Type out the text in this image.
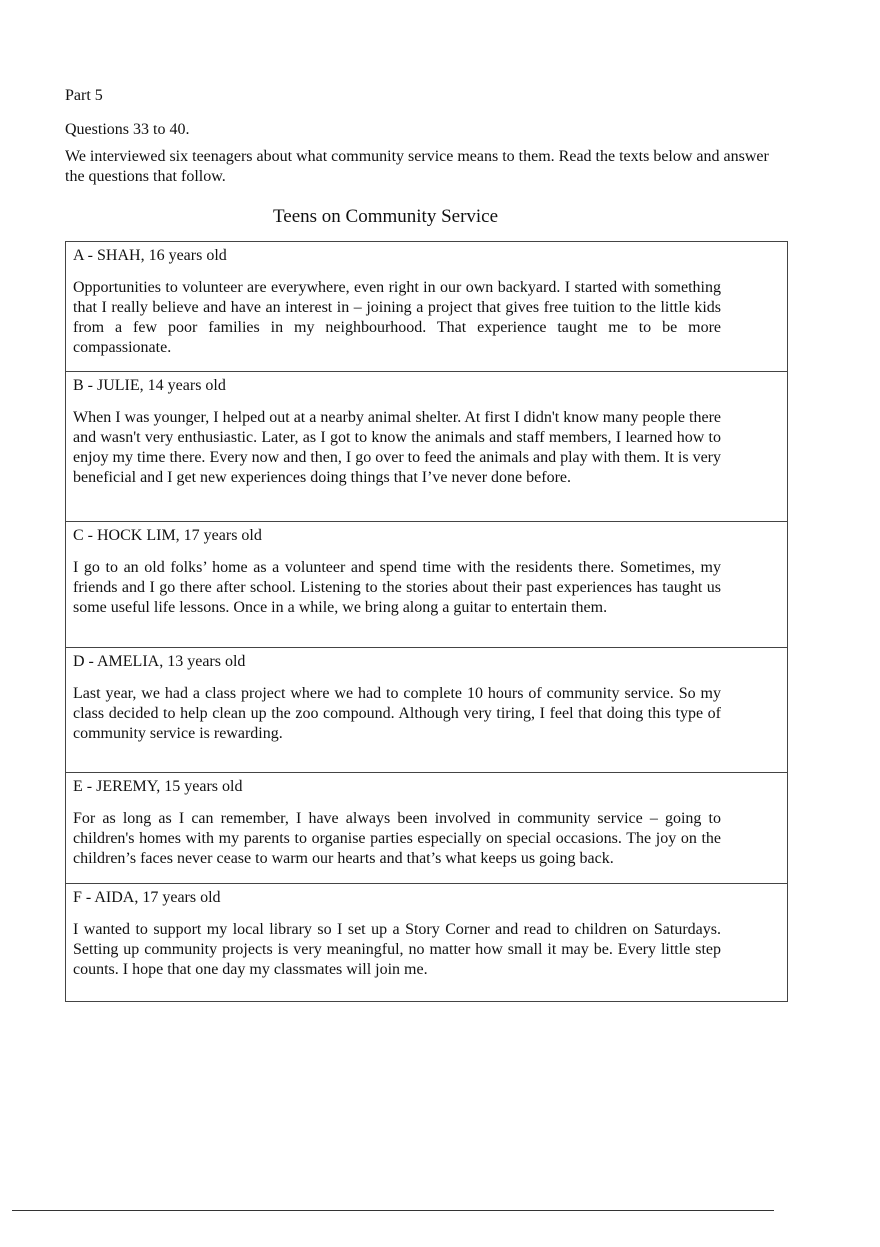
Part 5
Questions 33 to 40.
We interviewed six teenagers about what community service means to them. Read the texts below and answer the questions that follow.
Teens on Community Service
A - SHAH, 16 years old
Opportunities to volunteer are everywhere, even right in our own backyard. I started with something that I really believe and have an interest in – joining a project that gives free tuition to the little kids from a few poor families in my neighbourhood. That experience taught me to be more compassionate.
B - JULIE, 14 years old
When I was younger, I helped out at a nearby animal shelter. At first I didn't know many people there and wasn't very enthusiastic. Later, as I got to know the animals and staff members, I learned how to enjoy my time there. Every now and then, I go over to feed the animals and play with them. It is very beneficial and I get new experiences doing things that I’ve never done before.
C - HOCK LIM, 17 years old
I go to an old folks’ home as a volunteer and spend time with the residents there. Sometimes, my friends and I go there after school. Listening to the stories about their past experiences has taught us some useful life lessons. Once in a while, we bring along a guitar to entertain them.
D - AMELIA, 13 years old
Last year, we had a class project where we had to complete 10 hours of community service. So my class decided to help clean up the zoo compound. Although very tiring, I feel that doing this type of community service is rewarding.
E - JEREMY, 15 years old
For as long as I can remember, I have always been involved in community service – going to children's homes with my parents to organise parties especially on special occasions. The joy on the children’s faces never cease to warm our hearts and that’s what keeps us going back.
F - AIDA, 17 years old
I wanted to support my local library so I set up a Story Corner and read to children on Saturdays. Setting up community projects is very meaningful, no matter how small it may be. Every little step counts. I hope that one day my classmates will join me.
